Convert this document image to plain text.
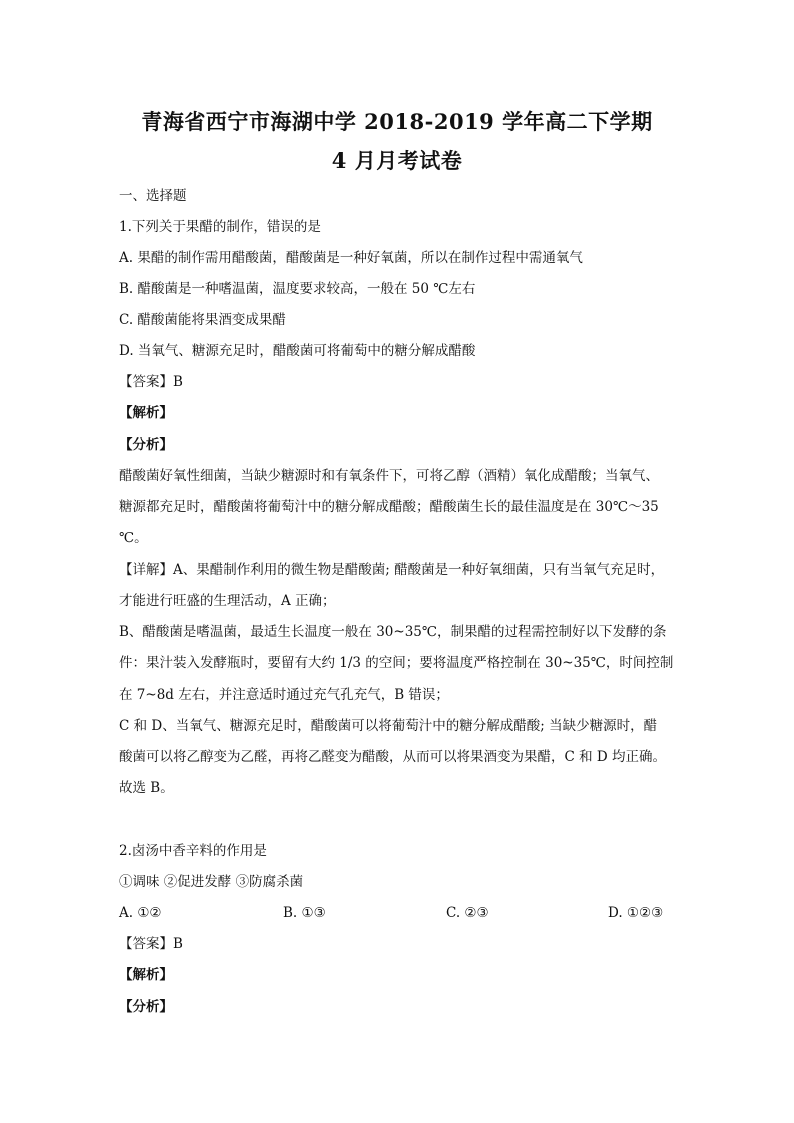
青海省西宁市海湖中学 2018-2019 学年高二下学期
4 月月考试卷
一、选择题
1.下列关于果醋的制作，错误的是
A. 果醋的制作需用醋酸菌，醋酸菌是一种好氧菌，所以在制作过程中需通氧气
B. 醋酸菌是一种嗜温菌，温度要求较高，一般在 50 ℃左右
C. 醋酸菌能将果酒变成果醋
D. 当氧气、糖源充足时，醋酸菌可将葡萄中的糖分解成醋酸
【答案】B
【解析】
【分析】
醋酸菌好氧性细菌，当缺少糖源时和有氧条件下，可将乙醇（酒精）氧化成醋酸；当氧气、
糖源都充足时，醋酸菌将葡萄汁中的糖分解成醋酸；醋酸菌生长的最佳温度是在 30℃～35
℃。
【详解】A、果醋制作利用的微生物是醋酸菌; 醋酸菌是一种好氧细菌，只有当氧气充足时，
才能进行旺盛的生理活动，A 正确；
B、醋酸菌是嗜温菌，最适生长温度一般在 30~35℃，制果醋的过程需控制好以下发酵的条
件：果汁装入发酵瓶时，要留有大约 1/3 的空间；要将温度严格控制在 30~35℃，时间控制
在 7~8d 左右，并注意适时通过充气孔充气，B 错误；
C 和 D、当氧气、糖源充足时，醋酸菌可以将葡萄汁中的糖分解成醋酸; 当缺少糖源时，醋
酸菌可以将乙醇变为乙醛，再将乙醛变为醋酸，从而可以将果酒变为果醋，C 和 D 均正确。
故选 B。
2.卤汤中香辛料的作用是
①调味 ②促进发酵 ③防腐杀菌
A. ①②	B. ①③	C. ②③	D. ①②③
【答案】B
【解析】
【分析】
